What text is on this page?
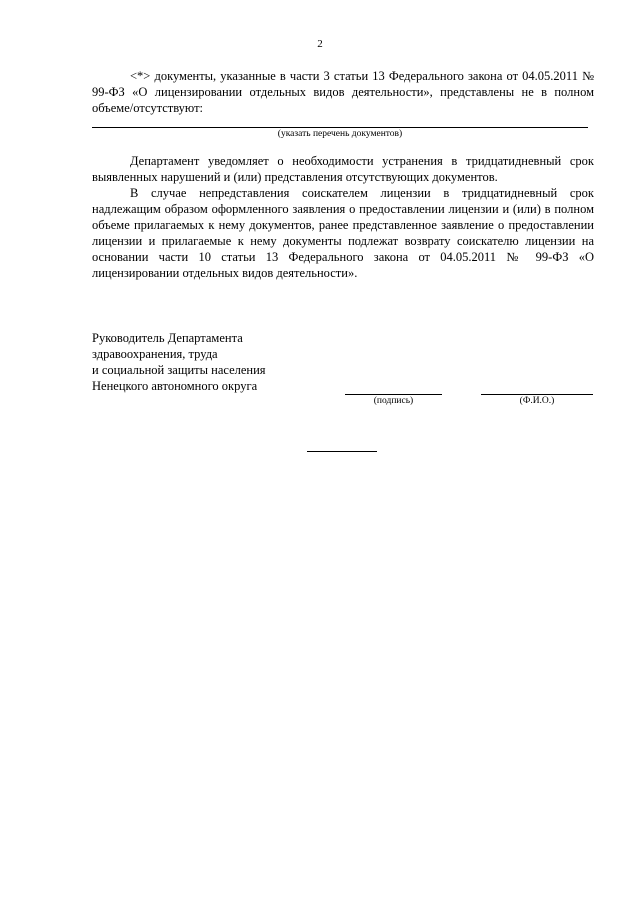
2
<*> документы, указанные в части 3 статьи 13 Федерального закона от 04.05.2011 № 99-ФЗ «О лицензировании отдельных видов деятельности», представлены не в полном объеме/отсутствуют:
(указать перечень документов)
Департамент уведомляет о необходимости устранения в тридцатидневный срок выявленных нарушений и (или) представления отсутствующих документов.
В случае непредставления соискателем лицензии в тридцатидневный срок надлежащим образом оформленного заявления о предоставлении лицензии и (или) в полном объеме прилагаемых к нему документов, ранее представленное заявление о предоставлении лицензии и прилагаемые к нему документы подлежат возврату соискателю лицензии на основании части 10 статьи 13 Федерального закона от 04.05.2011 № 99-ФЗ «О лицензировании отдельных видов деятельности».
Руководитель Департамента
здравоохранения, труда
и социальной защиты населения
Ненецкого автономного округа
(подпись)	(Ф.И.О.)
